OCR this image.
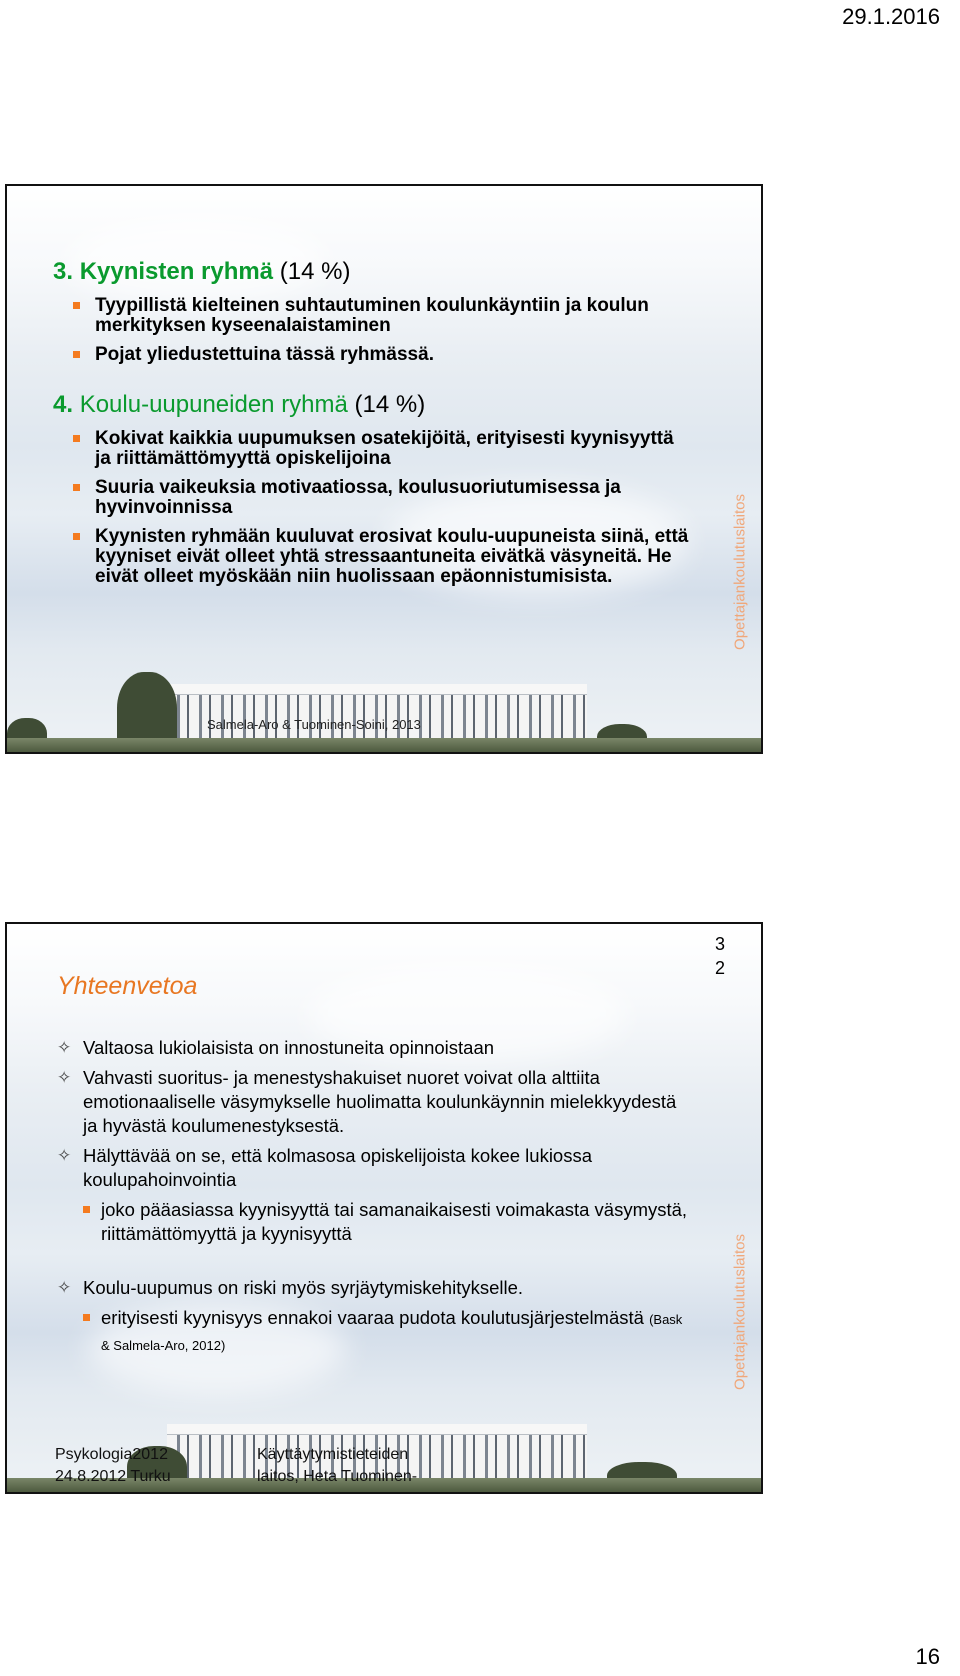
29.1.2016
3. Kyynisten ryhmä (14 %)
Tyypillistä kielteinen suhtautuminen koulunkäyntiin ja koulun merkityksen kyseenalaistaminen
Pojat yliedustettuina tässä ryhmässä.
4. Koulu-uupuneiden ryhmä (14 %)
Kokivat kaikkia uupumuksen osatekijöitä, erityisesti kyynisyyttä ja riittämättömyyttä opiskelijoina
Suuria vaikeuksia motivaatiossa, koulusuoriutumisessa ja hyvinvoinnissa
Kyynisten ryhmään kuuluvat erosivat koulu-uupuneista siinä, että kyyniset eivät olleet yhtä stressaantuneita eivätkä väsyneitä. He eivät olleet myöskään niin huolissaan epäonnistumisista.
Salmela-Aro & Tuominen-Soini, 2013
Opettajankoulutuslaitos
Yhteenvetoa
3
2
✧ Valtaosa lukiolaisista on innostuneita opinnoistaan
✧ Vahvasti suoritus- ja menestyshakuiset nuoret voivat olla alttiita emotionaaliselle väsymykselle huolimatta koulunkäynnin mielekkyydestä ja hyvästä koulumenestyksestä.
✧ Hälyttävää on se, että kolmasosa opiskelijoista kokee lukiossa koulupahoinvointia
joko pääasiassa kyynisyyttä tai samanaikaisesti voimakasta väsymystä, riittämättömyyttä ja kyynisyyttä
✧ Koulu-uupumus on riski myös syrjäytymiskehitykselle.
erityisesti kyynisyys ennakoi vaaraa pudota koulutusjärjestelmästä (Bask & Salmela-Aro, 2012)
Psykologia2012
24.8.2012 Turku
Käyttäytymistieteiden
laitos, Heta Tuominen-
Opettajankoulutuslaitos
16
